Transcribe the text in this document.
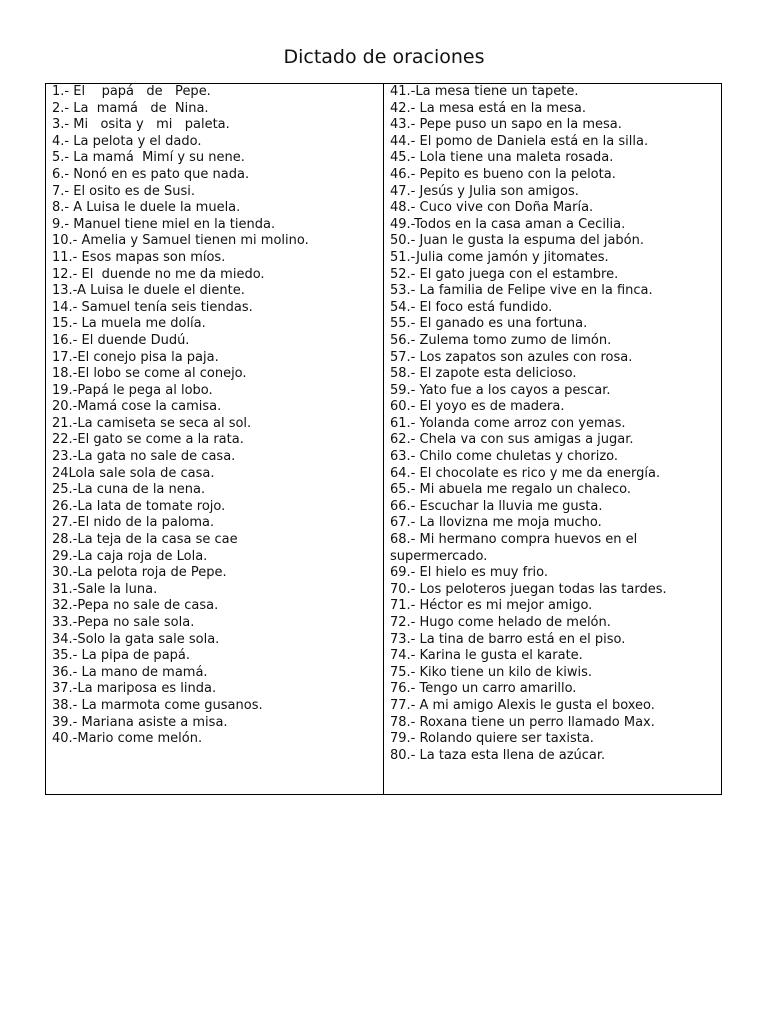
Dictado de oraciones
1.- El    papá   de   Pepe.
2.- La  mamá   de  Nina.
3.- Mi   osita y   mi   paleta.
4.- La pelota y el dado.
5.- La mamá  Mimí y su nene.
6.- Nonó en es pato que nada.
7.- El osito es de Susi.
8.- A Luisa le duele la muela.
9.- Manuel tiene miel en la tienda.
10.- Amelia y Samuel tienen mi molino.
11.- Esos mapas son míos.
12.- El  duende no me da miedo.
13.-A Luisa le duele el diente.
14.- Samuel tenía seis tiendas.
15.- La muela me dolía.
16.- El duende Dudú.
17.-El conejo pisa la paja.
18.-El lobo se come al conejo.
19.-Papá le pega al lobo.
20.-Mamá cose la camisa.
21.-La camiseta se seca al sol.
22.-El gato se come a la rata.
23.-La gata no sale de casa.
24Lola sale sola de casa.
25.-La cuna de la nena.
26.-La lata de tomate rojo.
27.-El nido de la paloma.
28.-La teja de la casa se cae
29.-La caja roja de Lola.
30.-La pelota roja de Pepe.
31.-Sale la luna.
32.-Pepa no sale de casa.
33.-Pepa no sale sola.
34.-Solo la gata sale sola.
35.- La pipa de papá.
36.- La mano de mamá.
37.-La mariposa es linda.
38.- La marmota come gusanos.
39.- Mariana asiste a misa.
40.-Mario come melón.
41.-La mesa tiene un tapete.
42.- La mesa está en la mesa.
43.- Pepe puso un sapo en la mesa.
44.- El pomo de Daniela está en la silla.
45.- Lola tiene una maleta rosada.
46.- Pepito es bueno con la pelota.
47.- Jesús y Julia son amigos.
48.- Cuco vive con Doña María.
49.-Todos en la casa aman a Cecilia.
50.- Juan le gusta la espuma del jabón.
51.-Julia come jamón y jitomates.
52.- El gato juega con el estambre.
53.- La familia de Felipe vive en la finca.
54.- El foco está fundido.
55.- El ganado es una fortuna.
56.- Zulema tomo zumo de limón.
57.- Los zapatos son azules con rosa.
58.- El zapote esta delicioso.
59.- Yato fue a los cayos a pescar.
60.- El yoyo es de madera.
61.- Yolanda come arroz con yemas.
62.- Chela va con sus amigas a jugar.
63.- Chilo come chuletas y chorizo.
64.- El chocolate es rico y me da energía.
65.- Mi abuela me regalo un chaleco.
66.- Escuchar la lluvia me gusta.
67.- La llovizna me moja mucho.
68.- Mi hermano compra huevos en el supermercado.
69.- El hielo es muy frio.
70.- Los peloteros juegan todas las tardes.
71.- Héctor es mi mejor amigo.
72.- Hugo come helado de melón.
73.- La tina de barro está en el piso.
74.- Karina le gusta el karate.
75.- Kiko tiene un kilo de kiwis.
76.- Tengo un carro amarillo.
77.- A mi amigo Alexis le gusta el boxeo.
78.- Roxana tiene un perro llamado Max.
79.- Rolando quiere ser taxista.
80.- La taza esta llena de azúcar.
